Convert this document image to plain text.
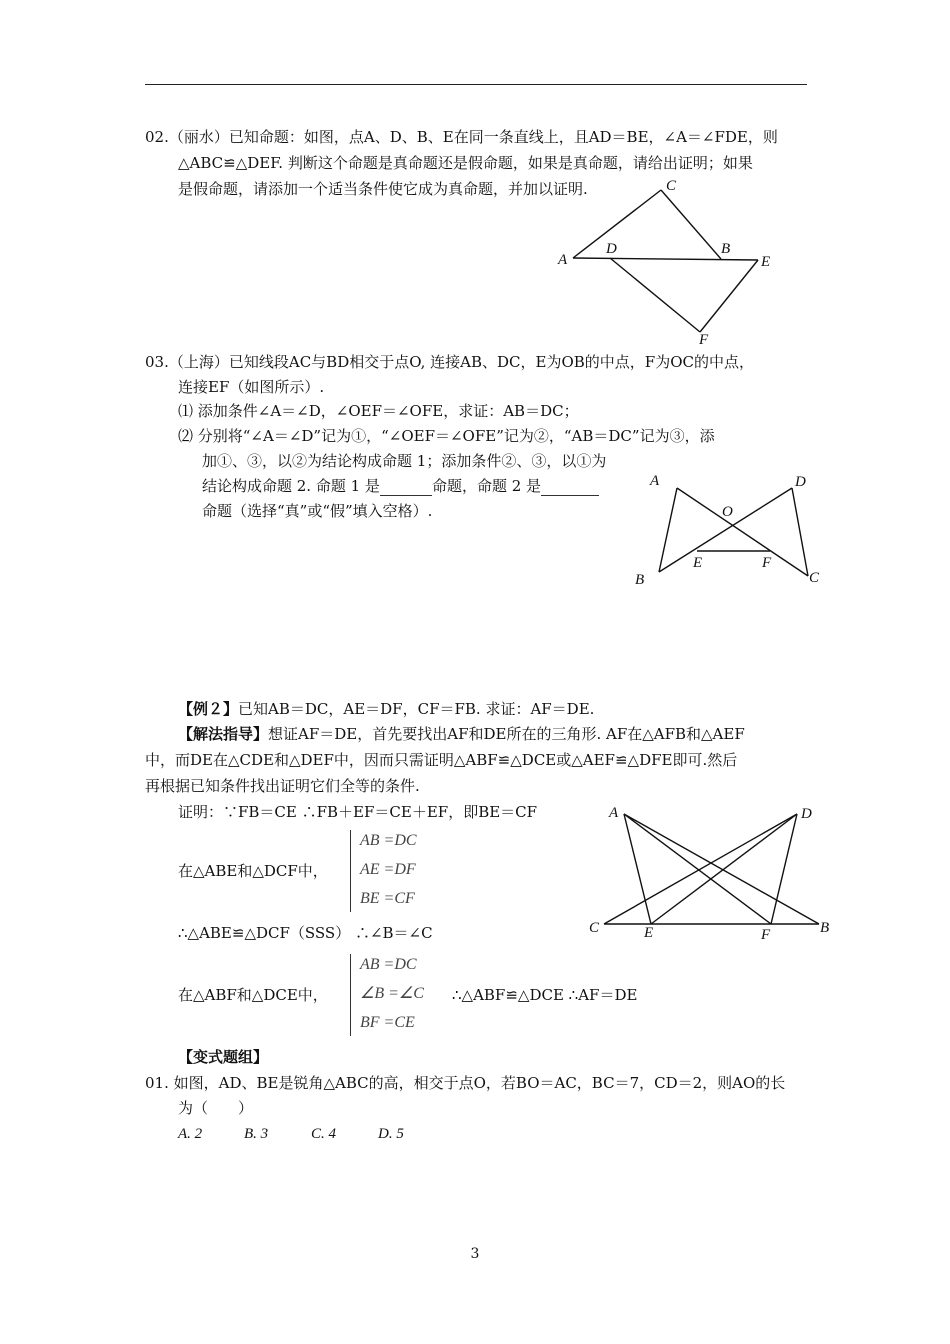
02.（丽水）已知命题：如图，点A、D、B、E在同一条直线上，且AD＝BE，∠A＝∠FDE，则
△ABC≌△DEF. 判断这个命题是真命题还是假命题，如果是真命题，请给出证明；如果
是假命题，请添加一个适当条件使它成为真命题，并加以证明.	C
A
D	B
E
F
A	D
O
E	F
B	C
A	D
C	E	F	B
03.（上海）已知线段AC与BD相交于点O, 连接AB、DC，E为OB的中点，F为OC的中点，
连接EF（如图所示）.
⑴ 添加条件∠A＝∠D，∠OEF＝∠OFE，求证：AB＝DC；
⑵ 分别将“∠A＝∠D”记为①，“∠OEF＝∠OFE”记为②，“AB＝DC”记为③，添
加①、③，以②为结论构成命题 1；添加条件②、③，以①为
结论构成命题 2. 命题 1 是	命题，命题 2 是
命题（选择“真”或“假”填入空格）.
【例２】已知AB＝DC，AE＝DF，CF＝FB. 求证：AF＝DE.
【解法指导】想证AF＝DE，首先要找出AF和DE所在的三角形. AF在△AFB和△AEF
中，而DE在△CDE和△DEF中，因而只需证明△ABF≌△DCE或△AEF≌△DFE即可.然后
再根据已知条件找出证明它们全等的条件.
证明：∵FB＝CE ∴FB＋EF＝CE＋EF，即BE＝CF
在△ABE和△DCF中，
AB =DC
AE =DF
BE =CF
∴△ABE≌△DCF（SSS） ∴∠B＝∠C
在△ABF和△DCE中，
AB =DC
∠B =∠C
BF =CE
∴△ABF≌△DCE ∴AF＝DE
【变式题组】
01. 如图，AD、BE是锐角△ABC的高，相交于点O，若BO＝AC，BC＝7，CD＝2，则AO的长
为（　　）
A. 2	B. 3	C. 4	D. 5
3
